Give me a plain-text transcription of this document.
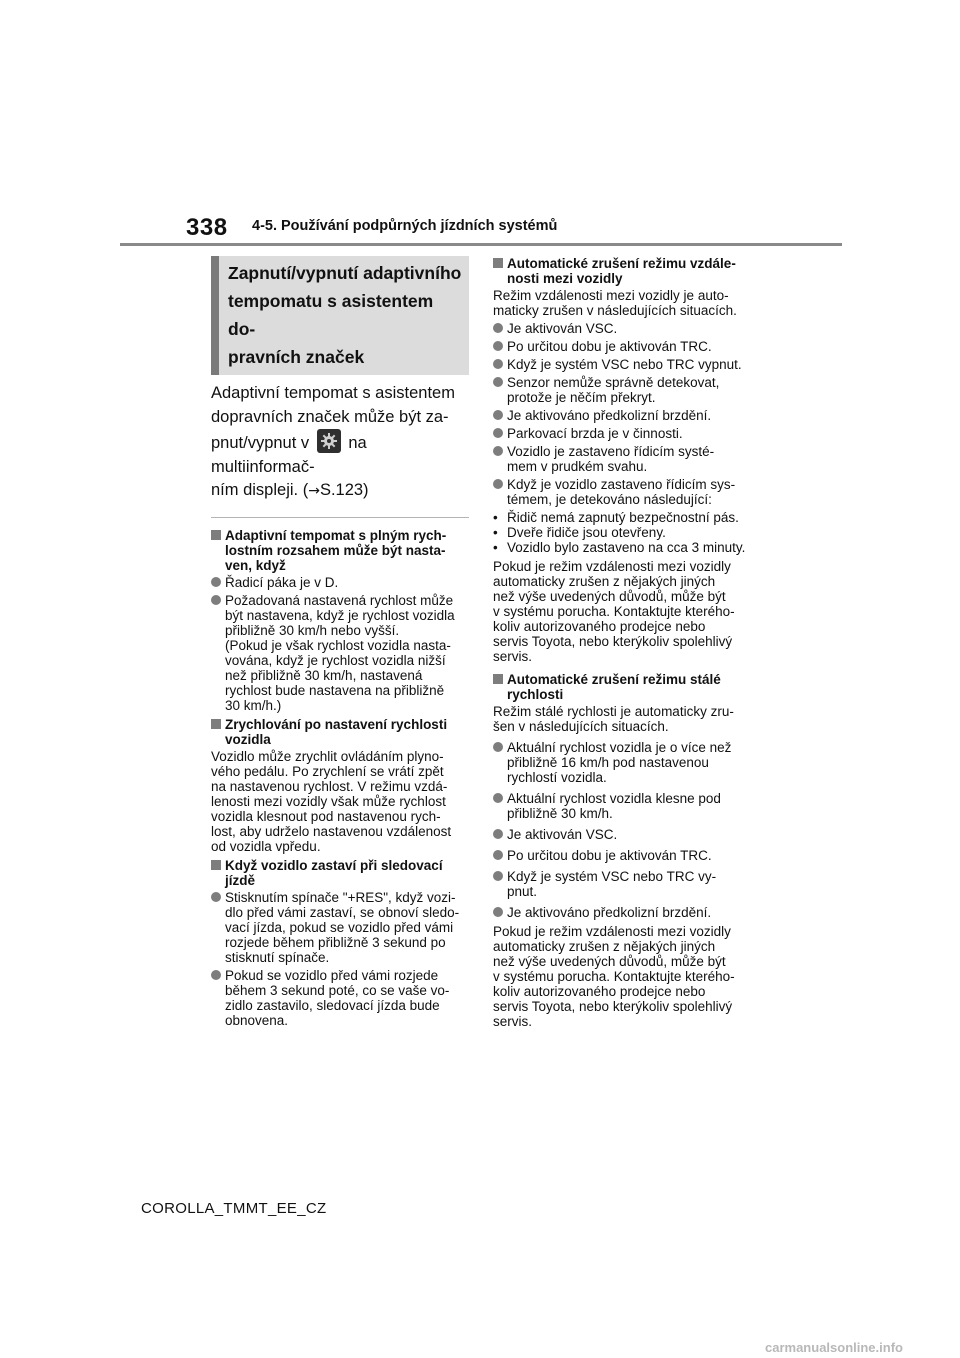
338 4-5. Používání podpůrných jízdních systémů
Zapnutí/vypnutí adaptivního
tempomatu s asistentem do-
pravních značek
Adaptivní tempomat s asistentem
dopravních značek může být za-
pnut/vypnut v na multiinformač-
ním displeji. (→S.123)
Adaptivní tempomat s plným rych-
lostním rozsahem může být nasta-
ven, když
Řadicí páka je v D.
Požadovaná nastavená rychlost může
být nastavena, když je rychlost vozidla
přibližně 30 km/h nebo vyšší.
(Pokud je však rychlost vozidla nasta-
vována, když je rychlost vozidla nižší
než přibližně 30 km/h, nastavená
rychlost bude nastavena na přibližně
30 km/h.)
Zrychlování po nastavení rychlosti
vozidla
Vozidlo může zrychlit ovládáním plyno-
vého pedálu. Po zrychlení se vrátí zpět
na nastavenou rychlost. V režimu vzdá-
lenosti mezi vozidly však může rychlost
vozidla klesnout pod nastavenou rych-
lost, aby udrželo nastavenou vzdálenost
od vozidla vpředu.
Když vozidlo zastaví při sledovací
jízdě
Stisknutím spínače "+RES", když vozi-
dlo před vámi zastaví, se obnoví sledo-
vací jízda, pokud se vozidlo před vámi
rozjede během přibližně 3 sekund po
stisknutí spínače.
Pokud se vozidlo před vámi rozjede
během 3 sekund poté, co se vaše vo-
zidlo zastavilo, sledovací jízda bude
obnovena.
Automatické zrušení režimu vzdále-
nosti mezi vozidly
Režim vzdálenosti mezi vozidly je auto-
maticky zrušen v následujících situacích.
Je aktivován VSC.
Po určitou dobu je aktivován TRC.
Když je systém VSC nebo TRC vypnut.
Senzor nemůže správně detekovat,
protože je něčím překryt.
Je aktivováno předkolizní brzdění.
Parkovací brzda je v činnosti.
Vozidlo je zastaveno řídicím systé-
mem v prudkém svahu.
Když je vozidlo zastaveno řídicím sys-
témem, je detekováno následující:
• Řidič nemá zapnutý bezpečnostní pás.
• Dveře řidiče jsou otevřeny.
• Vozidlo bylo zastaveno na cca 3 minuty.
Pokud je režim vzdálenosti mezi vozidly
automaticky zrušen z nějakých jiných
než výše uvedených důvodů, může být
v systému porucha. Kontaktujte kterého-
koliv autorizovaného prodejce nebo
servis Toyota, nebo kterýkoliv spolehlivý
servis.
Automatické zrušení režimu stálé
rychlosti
Režim stálé rychlosti je automaticky zru-
šen v následujících situacích.
Aktuální rychlost vozidla je o více než
přibližně 16 km/h pod nastavenou
rychlostí vozidla.
Aktuální rychlost vozidla klesne pod
přibližně 30 km/h.
Je aktivován VSC.
Po určitou dobu je aktivován TRC.
Když je systém VSC nebo TRC vy-
pnut.
Je aktivováno předkolizní brzdění.
Pokud je režim vzdálenosti mezi vozidly
automaticky zrušen z nějakých jiných
než výše uvedených důvodů, může být
v systému porucha. Kontaktujte kterého-
koliv autorizovaného prodejce nebo
servis Toyota, nebo kterýkoliv spolehlivý
servis.
COROLLA_TMMT_EE_CZ
carmanualsonline.info
